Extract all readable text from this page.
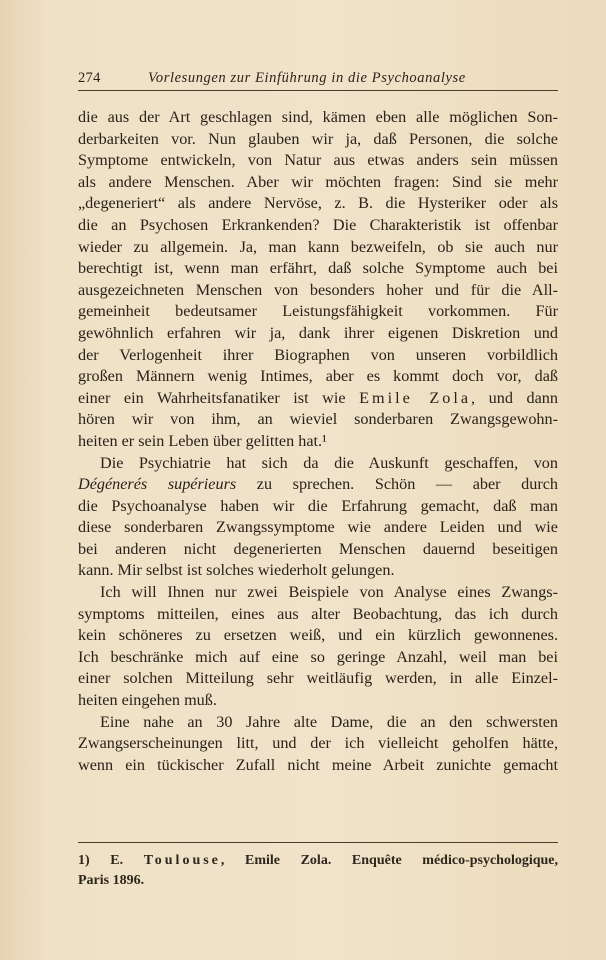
274	Vorlesungen zur Einführung in die Psychoanalyse
die aus der Art geschlagen sind, kämen eben alle möglichen Son-
derbarkeiten vor. Nun glauben wir ja, daß Personen, die solche
Symptome entwickeln, von Natur aus etwas anders sein müssen
als andere Menschen. Aber wir möchten fragen: Sind sie mehr
„degeneriert“ als andere Nervöse, z. B. die Hysteriker oder als
die an Psychosen Erkrankenden? Die Charakteristik ist offenbar
wieder zu allgemein. Ja, man kann bezweifeln, ob sie auch nur
berechtigt ist, wenn man erfährt, daß solche Symptome auch bei
ausgezeichneten Menschen von besonders hoher und für die All-
gemeinheit bedeutsamer Leistungsfähigkeit vorkommen. Für
gewöhnlich erfahren wir ja, dank ihrer eigenen Diskretion und
der Verlogenheit ihrer Biographen von unseren vorbildlich
großen Männern wenig Intimes, aber es kommt doch vor, daß
einer ein Wahrheitsfanatiker ist wie Emile Zola, und dann
hören wir von ihm, an wieviel sonderbaren Zwangsgewohn-
heiten er sein Leben über gelitten hat.¹
Die Psychiatrie hat sich da die Auskunft geschaffen, von
Dégénerés supérieurs zu sprechen. Schön — aber durch
die Psychoanalyse haben wir die Erfahrung gemacht, daß man
diese sonderbaren Zwangssymptome wie andere Leiden und wie
bei anderen nicht degenerierten Menschen dauernd beseitigen
kann. Mir selbst ist solches wiederholt gelungen.
Ich will Ihnen nur zwei Beispiele von Analyse eines Zwangs-
symptoms mitteilen, eines aus alter Beobachtung, das ich durch
kein schöneres zu ersetzen weiß, und ein kürzlich gewonnenes.
Ich beschränke mich auf eine so geringe Anzahl, weil man bei
einer solchen Mitteilung sehr weitläufig werden, in alle Einzel-
heiten eingehen muß.
Eine nahe an 30 Jahre alte Dame, die an den schwersten
Zwangserscheinungen litt, und der ich vielleicht geholfen hätte,
wenn ein tückischer Zufall nicht meine Arbeit zunichte gemacht
1) E. Toulouse, Emile Zola. Enquête médico-psychologique,
Paris 1896.
